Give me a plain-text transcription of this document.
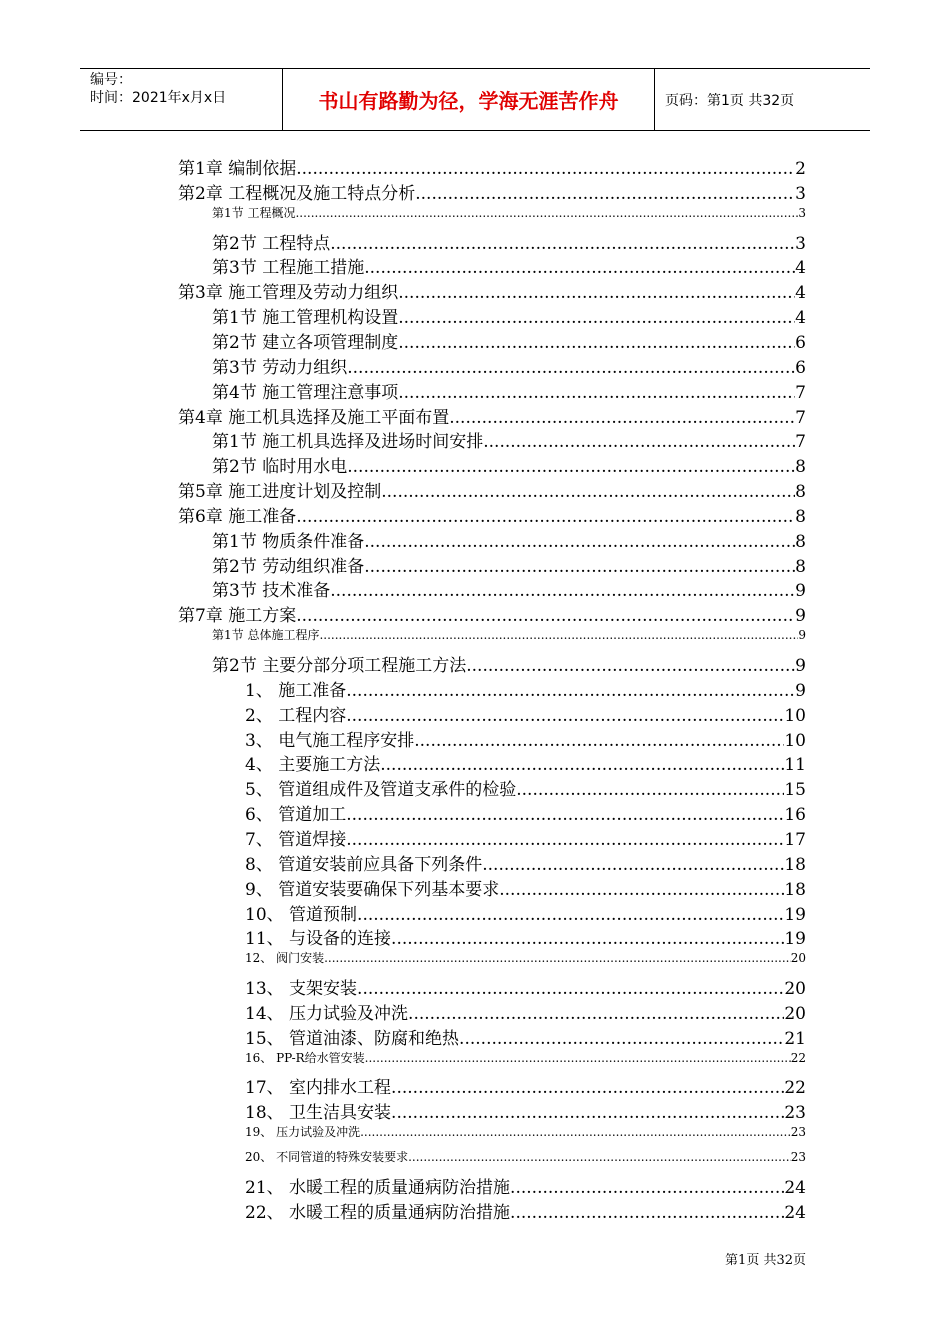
编号：
时间：2021年x月x日	书山有路勤为径，学海无涯苦作舟	页码：第1页 共32页
第1章 编制依据 .....	2
第2章 工程概况及施工特点分析 .....	3
第1节 工程概况 .....	3
第2节 工程特点 .....	3
第3节 工程施工措施 .....	4
第3章 施工管理及劳动力组织 .....	4
第1节 施工管理机构设置 .....	4
第2节 建立各项管理制度 .....	6
第3节 劳动力组织 .....	6
第4节 施工管理注意事项 .....	7
第4章 施工机具选择及施工平面布置 .....	7
第1节 施工机具选择及进场时间安排 .....	7
第2节 临时用水电 .....	8
第5章 施工进度计划及控制 .....	8
第6章 施工准备 .....	8
第1节 物质条件准备 .....	8
第2节 劳动组织准备 .....	8
第3节 技术准备 .....	9
第7章 施工方案 .....	9
第1节 总体施工程序 .....	9
第2节 主要分部分项工程施工方法 .....	9
1、 施工准备 .....	9
2、 工程内容 .....	10
3、 电气施工程序安排 .....	10
4、 主要施工方法 .....	11
5、 管道组成件及管道支承件的检验 .....	15
6、 管道加工 .....	16
7、 管道焊接 .....	17
8、 管道安装前应具备下列条件 .....	18
9、 管道安装要确保下列基本要求 .....	18
10、 管道预制 .....	19
11、 与设备的连接 .....	19
12、 阀门安装 .....	20
13、 支架安装 .....	20
14、 压力试验及冲洗 .....	20
15、 管道油漆、防腐和绝热 .....	21
16、 PP-R给水管安装 .....	22
17、 室内排水工程 .....	22
18、 卫生洁具安装 .....	23
19、 压力试验及冲洗 .....	23
20、 不同管道的特殊安装要求 .....	23
21、 水暖工程的质量通病防治措施 .....	24
22、 水暖工程的质量通病防治措施 .....	24
第1页 共32页
